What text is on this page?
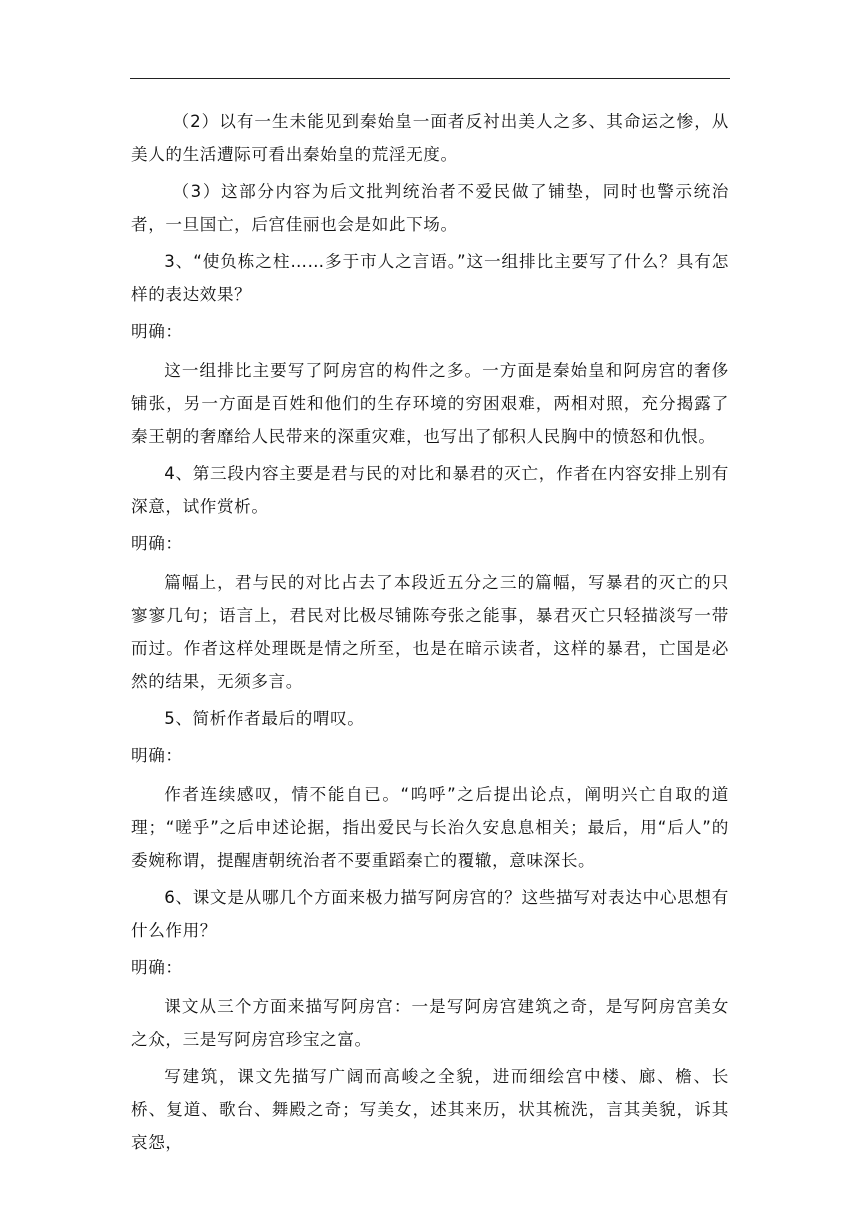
（2）以有一生未能见到秦始皇一面者反衬出美人之多、其命运之惨，从美人的生活遭际可看出秦始皇的荒淫无度。

（3）这部分内容为后文批判统治者不爱民做了铺垫，同时也警示统治者，一旦国亡，后宫佳丽也会是如此下场。

3、“使负栋之柱……多于市人之言语。”这一组排比主要写了什么？具有怎样的表达效果？

明确：

这一组排比主要写了阿房宫的构件之多。一方面是秦始皇和阿房宫的奢侈铺张，另一方面是百姓和他们的生存环境的穷困艰难，两相对照，充分揭露了秦王朝的奢靡给人民带来的深重灾难，也写出了郁积人民胸中的愤怒和仇恨。

4、第三段内容主要是君与民的对比和暴君的灭亡，作者在内容安排上别有深意，试作赏析。

明确：

篇幅上，君与民的对比占去了本段近五分之三的篇幅，写暴君的灭亡的只寥寥几句；语言上，君民对比极尽铺陈夸张之能事，暴君灭亡只轻描淡写一带而过。作者这样处理既是情之所至，也是在暗示读者，这样的暴君，亡国是必然的结果，无须多言。

5、简析作者最后的喟叹。

明确：

作者连续感叹，情不能自已。“呜呼”之后提出论点，阐明兴亡自取的道理；“嗟乎”之后申述论据，指出爱民与长治久安息息相关；最后，用“后人”的委婉称谓，提醒唐朝统治者不要重蹈秦亡的覆辙，意味深长。

6、课文是从哪几个方面来极力描写阿房宫的？这些描写对表达中心思想有什么作用？

明确：

课文从三个方面来描写阿房宫：一是写阿房宫建筑之奇，是写阿房宫美女之众，三是写阿房宫珍宝之富。

写建筑，课文先描写广阔而高峻之全貌，进而细绘宫中楼、廊、檐、长桥、复道、歌台、舞殿之奇；写美女，述其来历，状其梳洗，言其美貌，诉其哀怨，
